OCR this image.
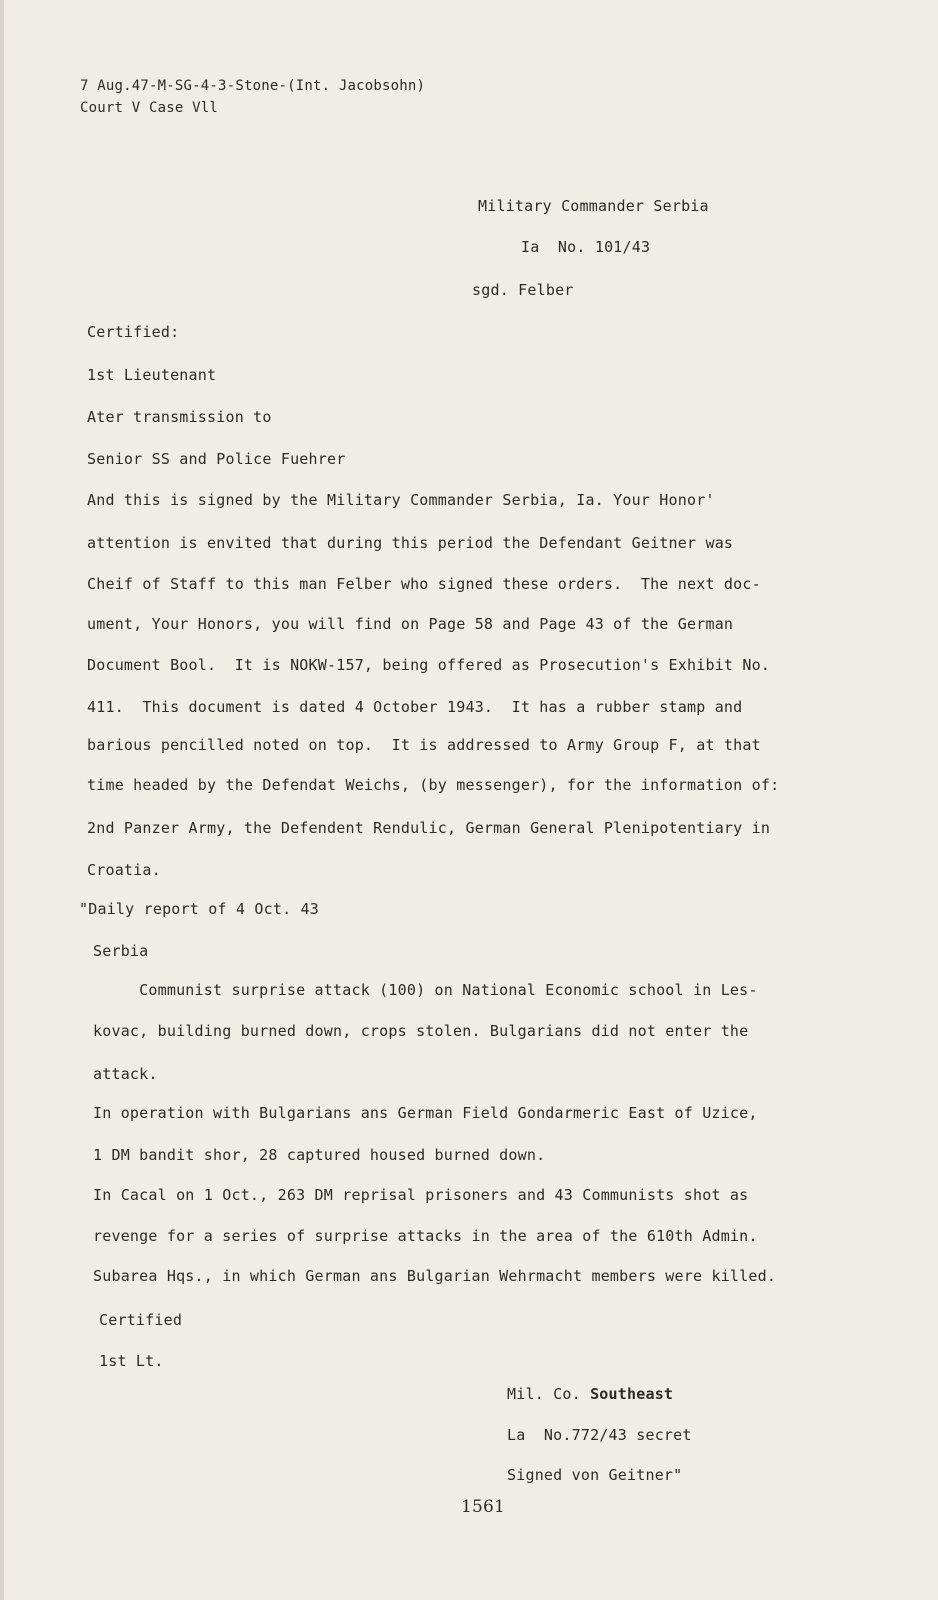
7 Aug.47-M-SG-4-3-Stone-(Int. Jacobsohn)
Court V Case Vll
Military Commander Serbia
Ia  No. 101/43
sgd. Felber
Certified:
1st Lieutenant
Ater transmission to
Senior SS and Police Fuehrer
And this is signed by the Military Commander Serbia, Ia. Your Honor'
attention is envited that during this period the Defendant Geitner was
Cheif of Staff to this man Felber who signed these orders.  The next doc-
ument, Your Honors, you will find on Page 58 and Page 43 of the German
Document Bool.  It is NOKW-157, being offered as Prosecution's Exhibit No.
411.  This document is dated 4 October 1943.  It has a rubber stamp and
barious pencilled noted on top.  It is addressed to Army Group F, at that
time headed by the Defendat Weichs, (by messenger), for the information of:
2nd Panzer Army, the Defendent Rendulic, German General Plenipotentiary in
Croatia.
"Daily report of 4 Oct. 43
Serbia
Communist surprise attack (100) on National Economic school in Les-
kovac, building burned down, crops stolen. Bulgarians did not enter the
attack.
In operation with Bulgarians ans German Field Gondarmeric East of Uzice,
1 DM bandit shor, 28 captured housed burned down.
In Cacal on 1 Oct., 263 DM reprisal prisoners and 43 Communists shot as
revenge for a series of surprise attacks in the area of the 610th Admin.
Subarea Hqs., in which German ans Bulgarian Wehrmacht members were killed.
Certified
1st Lt.
Mil. Co. Southeast
La  No.772/43 secret
Signed von Geitner"
1561
